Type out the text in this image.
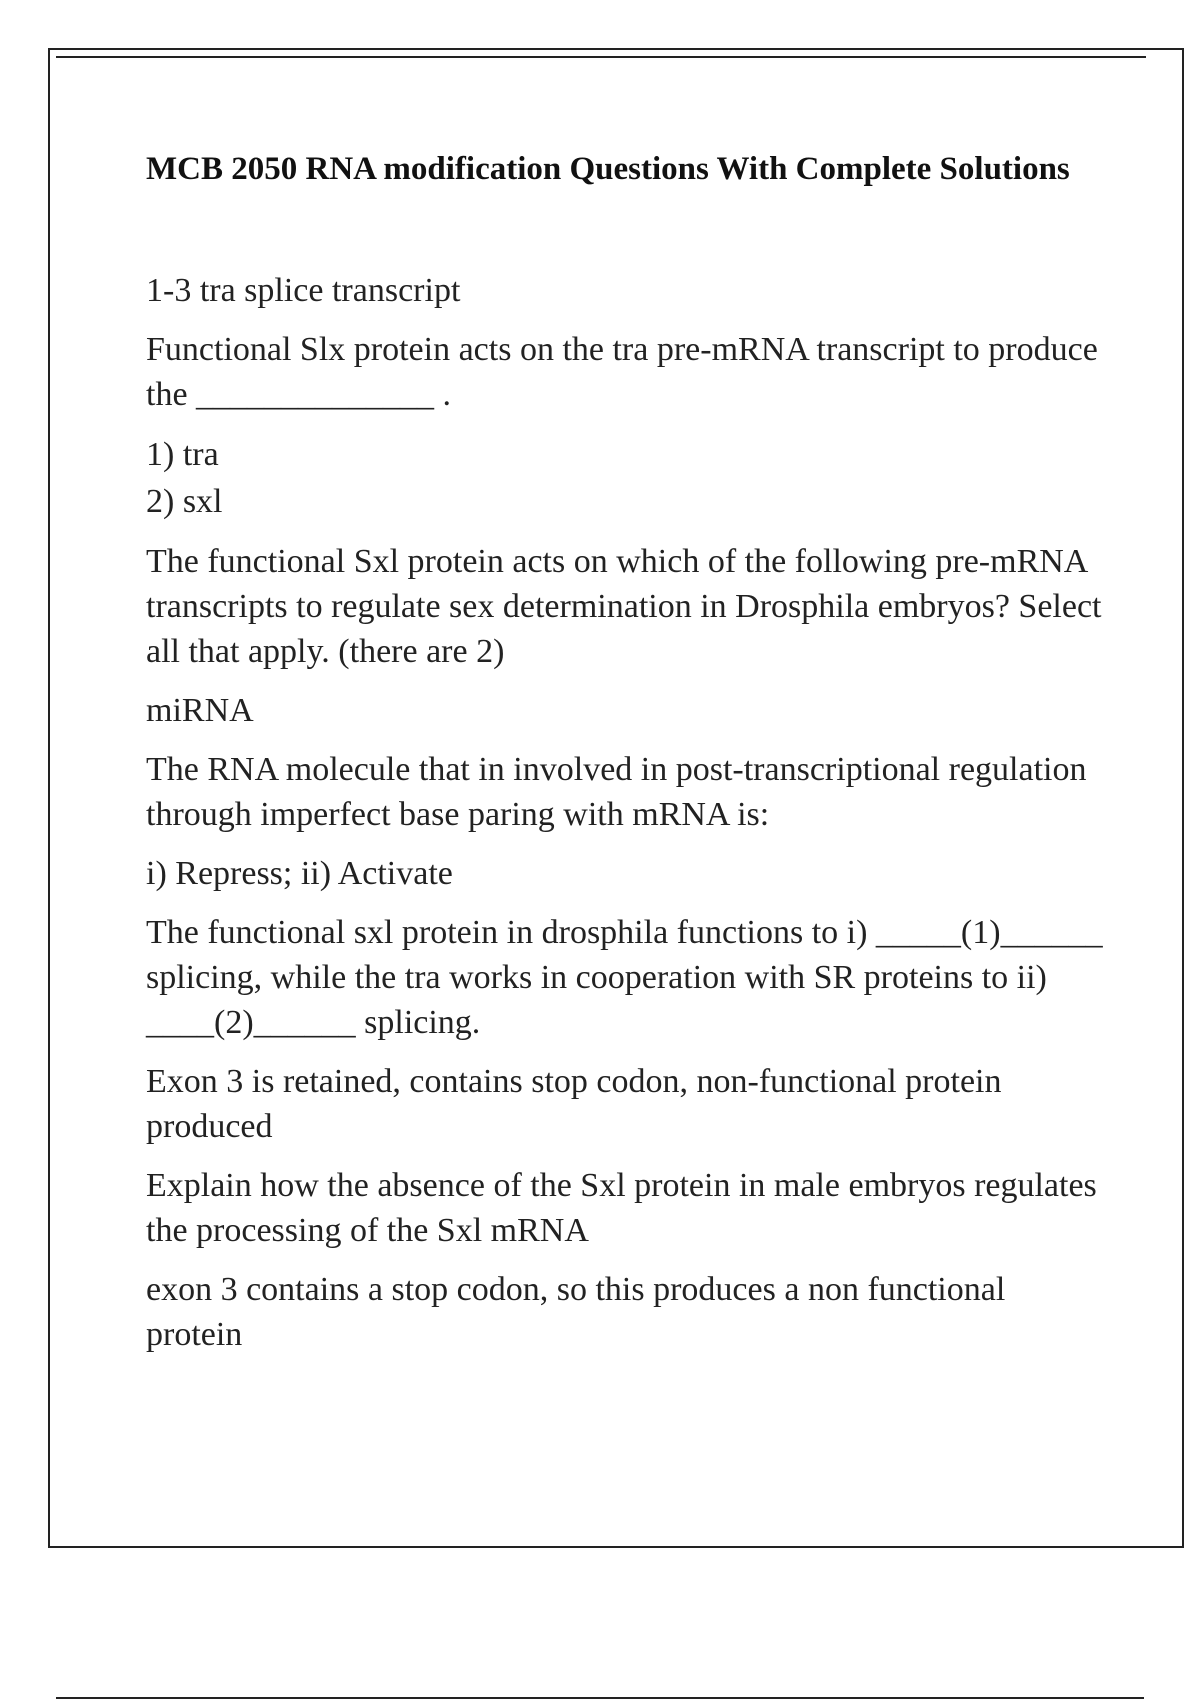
MCB 2050 RNA modification Questions With Complete Solutions

1-3 tra splice transcript

Functional Slx protein acts on the tra pre-mRNA transcript to produce the ______________ .

1) tra
2) sxl

The functional Sxl protein acts on which of the following pre-mRNA transcripts to regulate sex determination in Drosphila embryos? Select all that apply. (there are 2)

miRNA

The RNA molecule that in involved in post-transcriptional regulation through imperfect base paring with mRNA is:

i) Repress; ii) Activate

The functional sxl protein in drosphila functions to i) _____(1)______ splicing, while the tra works in cooperation with SR proteins to ii) ____(2)______ splicing.

Exon 3 is retained, contains stop codon, non-functional protein produced

Explain how the absence of the Sxl protein in male embryos regulates the processing of the Sxl mRNA

exon 3 contains a stop codon, so this produces a non functional protein
